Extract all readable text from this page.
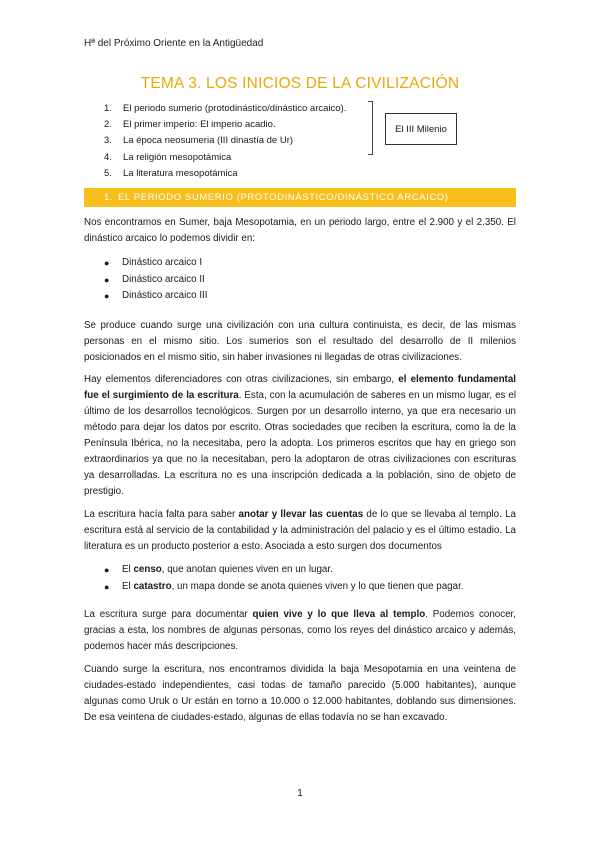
Hª del Próximo Oriente en la Antigüedad
TEMA 3. LOS INICIOS DE LA CIVILIZACIÓN
1.	El periodo sumerio (protodinástico/dinástico arcaico).
2.	El primer imperio: El imperio acadio.
3.	La época neosumeria (III dinastía de Ur)
4.	La religión mesopotámica
5.	La literatura mesopotámica
El III Milenio
1. EL PERIODO SUMERIO (PROTODINÁSTICO/DINÁSTICO ARCAICO)
Nos encontramos en Sumer, baja Mesopotamia, en un periodo largo, entre el 2.900 y el 2.350. El dinástico arcaico lo podemos dividir en:
●	Dinástico arcaico I
●	Dinástico arcaico II
●	Dinástico arcaico III
Se produce cuando surge una civilización con una cultura continuista, es decir, de las mismas personas en el mismo sitio. Los sumerios son el resultado del desarrollo de II milenios posicionados en el mismo sitio, sin haber invasiones ni llegadas de otras civilizaciones.
Hay elementos diferenciadores con otras civilizaciones, sin embargo, el elemento fundamental fue el surgimiento de la escritura. Esta, con la acumulación de saberes en un mismo lugar, es el último de los desarrollos tecnológicos. Surgen por un desarrollo interno, ya que era necesario un método para dejar los datos por escrito. Otras sociedades que reciben la escritura, como la de la Península Ibérica, no la necesitaba, pero la adopta. Los primeros escritos que hay en griego son extraordinarios ya que no la necesitaban, pero la adoptaron de otras civilizaciones con escrituras ya desarrolladas. La escritura no es una inscripción dedicada a la población, sino de objeto de prestigio.
La escritura hacía falta para saber anotar y llevar las cuentas de lo que se llevaba al templo. La escritura está al servicio de la contabilidad y la administración del palacio y es el último estadio. La literatura es un producto posterior a esto. Asociada a esto surgen dos documentos
●	El censo, que anotan quienes viven en un lugar.
●	El catastro, un mapa donde se anota quienes viven y lo que tienen que pagar.
La escritura surge para documentar quien vive y lo que lleva al templo. Podemos conocer, gracias a esta, los nombres de algunas personas, como los reyes del dinástico arcaico y además, podemos hacer más descripciones.
Cuando surge la escritura, nos encontramos dividida la baja Mesopotamia en una veintena de ciudades-estado independientes, casi todas de tamaño parecido (5.000 habitantes), aunque algunas como Uruk o Ur están en torno a 10.000 o 12.000 habitantes, doblando sus dimensiones. De esa veintena de ciudades-estado, algunas de ellas todavía no se han excavado.
1
